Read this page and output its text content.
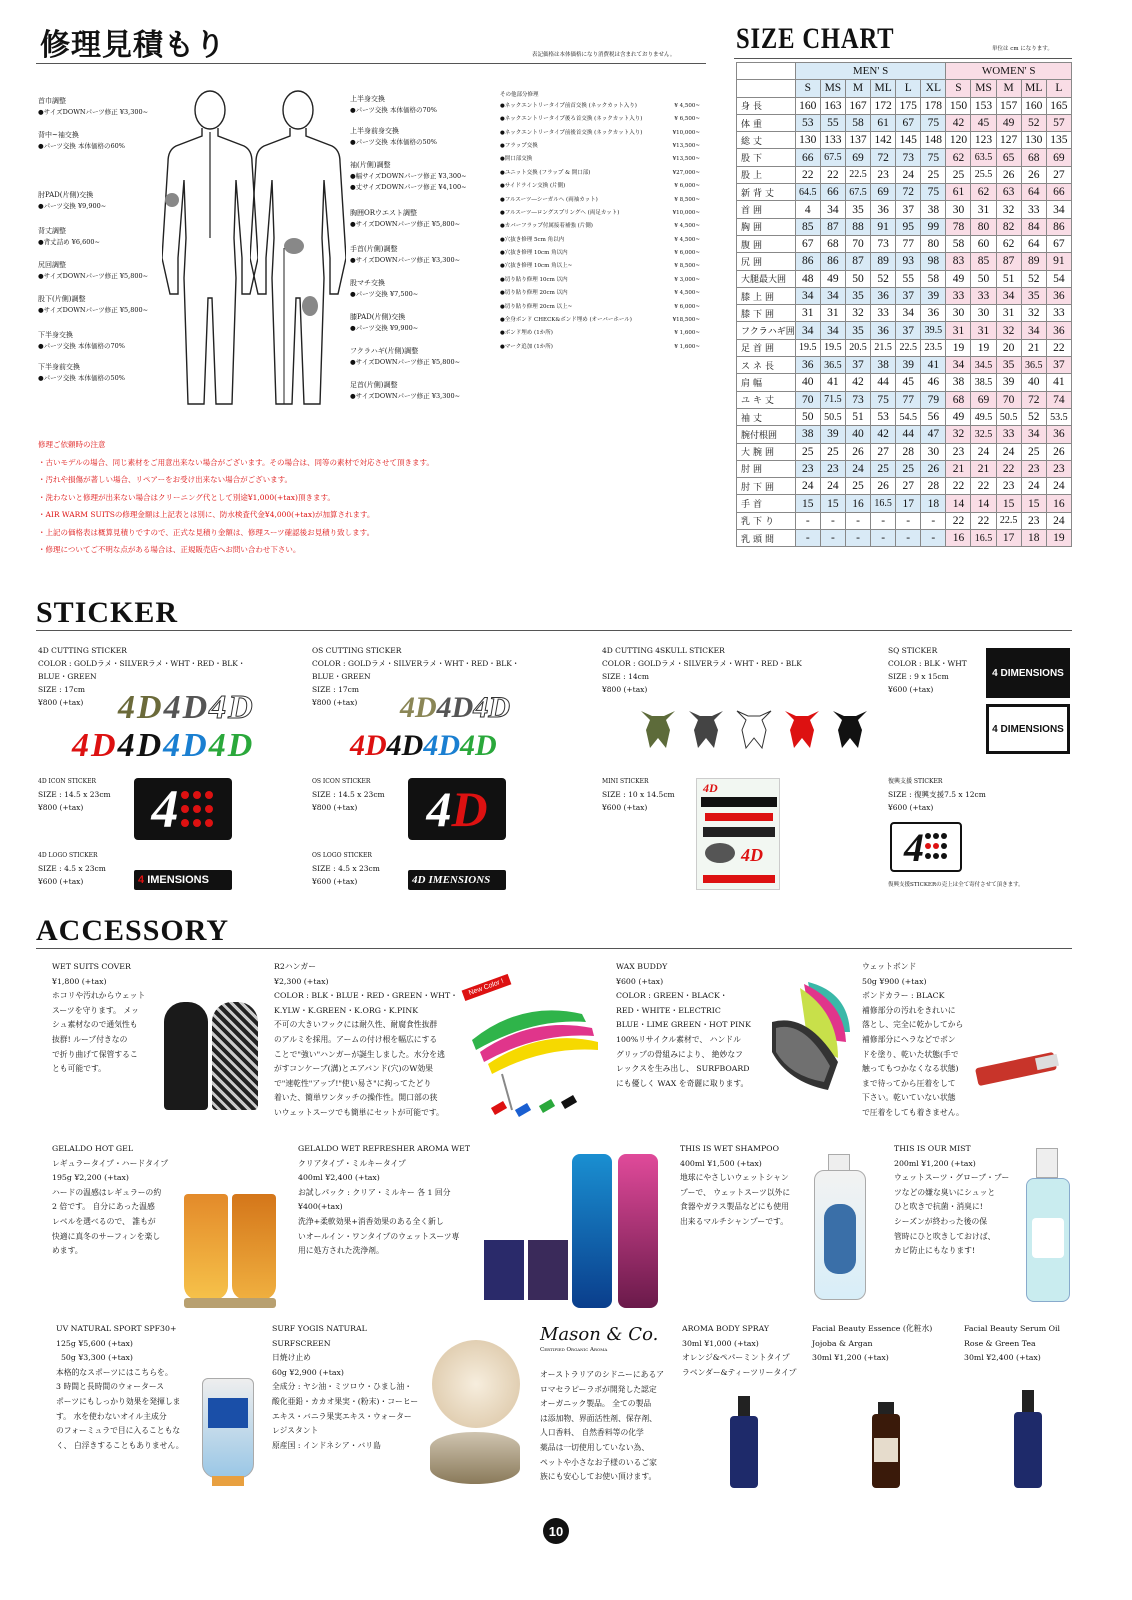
修理見積もり	表記価格は本体価格になり消費税は含まれておりません。
首巾調整
●サイズDOWNパーツ修正 ¥3,300~
背中~袖交換
●パーツ交換 本体価格の60%
肘PAD(片側)交換
●パーツ交換 ¥9,900~
背丈調整
●背丈詰め ¥6,600~
尻回調整
●サイズDOWNパーツ修正 ¥5,800~
股下(片側)調整
●サイズDOWNパーツ修正 ¥5,800~
下半身交換
●パーツ交換 本体価格の70%
下半身前交換
●パーツ交換 本体価格の50%
上半身交換
●パーツ交換 本体価格の70%
上半身前身交換
●パーツ交換 本体価格の50%
袖(片側)調整
●幅サイズDOWNパーツ修正 ¥3,300~
●丈サイズDOWNパーツ修正 ¥4,100~
胸囲ORウエスト調整
●サイズDOWNパーツ修正 ¥5,800~
手首(片側)調整
●サイズDOWNパーツ修正 ¥3,300~
股マチ交換
●パーツ交換 ¥7,500~
膝PAD(片側)交換
●パーツ交換 ¥9,900~
フクラハギ(片側)調整
●サイズDOWNパーツ修正 ¥5,800~
足首(片側)調整
●サイズDOWNパーツ修正 ¥3,300~
その他部分修理
●ネックエントリータイプ前首交換 (ネックカット入り)	¥ 4,500~
●ネックエントリータイプ後ろ首交換 (ネックカット入り)	¥ 6,500~
●ネックエントリータイプ前後首交換 (ネックカット入り)	¥10,000~
●フラップ交換	¥13,500~
●開口部交換	¥13,500~
●ユニット交換 (フラップ & 開口部)	¥27,000~
●サイドライン交換 (片側)	¥ 6,000~
●フルスーツ―シーガルへ (両袖カット)	¥ 8,500~
●フルスーツ―ロングスプリングへ (両足カット)	¥10,000~
●カバーフラップ付属接着補強 (片側)	¥ 4,500~
●穴抜き修理 5cm 角以内	¥ 4,500~
●穴抜き修理 10cm 角以内	¥ 6,000~
●穴抜き修理 10cm 角以上~	¥ 8,500~
●切り貼り修理 10cm 以内	¥ 3,000~
●切り貼り修理 20cm 以内	¥ 4,500~
●切り貼り修理 20cm 以上~	¥ 6,000~
●全身ボンド CHECK&ボンド埋め (オーバーホール)	¥18,500~
●ボンド埋め (1か所)	¥ 1,600~
●マーク追加 (1か所)	¥ 1,600~
修理ご依頼時の注意
・古いモデルの場合、同じ素材をご用意出来ない場合がございます。その場合は、同等の素材で対応させて頂きます。
・汚れや損傷が著しい場合、リペアーをお受け出来ない場合がございます。
・洗わないと修理が出来ない場合はクリーニング代として別途¥1,000(+tax)頂きます。
・AIR WARM SUITSの修理金額は上記表とは別に、防水検査代金¥4,000(+tax)が加算されます。
・上記の価格表は概算見積りですので、正式な見積り金額は、修理スーツ確認後お見積り致します。
・修理についてご不明な点がある場合は、正規販売店へお問い合わせ下さい。
SIZE CHART	単位は cm になります。
	MEN' S						WOMEN' S				
	S	MS	M	ML	L	XL	S	MS	M	ML	L
身長	160	163	167	172	175	178	150	153	157	160	165
体重	53	55	58	61	67	75	42	45	49	52	57
総丈	130	133	137	142	145	148	120	123	127	130	135
股下	66	67.5	69	72	73	75	62	63.5	65	68	69
股上	22	22	22.5	23	24	25	25	25.5	26	26	27
新背丈	64.5	66	67.5	69	72	75	61	62	63	64	66
首囲	4	34	35	36	37	38	30	31	32	33	34
胸囲	85	87	88	91	95	99	78	80	82	84	86
腹囲	67	68	70	73	77	80	58	60	62	64	67
尻囲	86	86	87	89	93	98	83	85	87	89	91
大腿最大囲	48	49	50	52	55	58	49	50	51	52	54
膝上囲	34	34	35	36	37	39	33	33	34	35	36
膝下囲	31	31	32	33	34	36	30	30	31	32	33
フクラハギ囲	34	34	35	36	37	39.5	31	31	32	34	36
足首囲	19.5	19.5	20.5	21.5	22.5	23.5	19	19	20	21	22
スネ長	36	36.5	37	38	39	41	34	34.5	35	36.5	37
肩幅	40	41	42	44	45	46	38	38.5	39	40	41
ユキ丈	70	71.5	73	75	77	79	68	69	70	72	74
袖丈	50	50.5	51	53	54.5	56	49	49.5	50.5	52	53.5
腕付根囲	38	39	40	42	44	47	32	32.5	33	34	36
大腕囲	25	25	26	27	28	30	23	24	24	25	26
肘囲	23	23	24	25	25	26	21	21	22	23	23
肘下囲	24	24	25	26	27	28	22	22	23	24	24
手首	15	15	16	16.5	17	18	14	14	15	15	16
乳下り	-	-	-	-	-	-	22	22	22.5	23	24
乳頭間	-	-	-	-	-	-	16	16.5	17	18	19
STICKER
4D CUTTING STICKER
COLOR : GOLDラメ・SILVERラメ・WHT・RED・BLK・
BLUE・GREEN
SIZE : 17cm
¥800 (+tax)	4D4D4D
4D4D4D4D
OS CUTTING STICKER
COLOR : GOLDラメ・SILVERラメ・WHT・RED・BLK・
BLUE・GREEN
SIZE : 17cm
¥800 (+tax)	4D4D4D
4D4D4D4D
4D CUTTING 4SKULL STICKER
COLOR : GOLDラメ・SILVERラメ・WHT・RED・BLK
SIZE : 14cm
¥800 (+tax)
SQ STICKER
COLOR : BLK・WHT
SIZE : 9 x 15cm
¥600 (+tax)
4 DIMENSIONS
4 DIMENSIONS
4D ICON STICKER
SIZE : 14.5 x 23cm
¥800 (+tax)	4	OS ICON STICKER
SIZE : 14.5 x 23cm
¥800 (+tax)	4 D	MINI STICKER
SIZE : 10 x 14.5cm
¥600 (+tax)
4D
4D
復興支援 STICKER
SIZE : 復興支援7.5 x 12cm
¥600 (+tax)
4
復興支援STICKERの売上は全て寄付させて頂きます。
4D LOGO STICKER
SIZE : 4.5 x 23cm
¥600 (+tax)	4
IMENSIONS
OS LOGO STICKER
SIZE : 4.5 x 23cm
¥600 (+tax)	4D
IMENSIONS
ACCESSORY
WET SUITS COVER
¥1,800 (+tax)
ホコリや汚れからウェット
スーツを守ります。 メッ
シュ素材なので通気性も
抜群! ループ付きなの
で折り曲げて保管するこ
とも可能です。
R2ハンガー
¥2,300 (+tax)
COLOR : BLK・BLUE・RED・GREEN・WHT・
K.YLW・K.GREEN・K.ORG・K.PINK
不可の大きいフックには耐久性、耐腐食性抜群
のアルミを採用。アームの付け根を幅広にする
ことで"強い"ハンガーが誕生しました。水分を逃
がすコンケーブ(溝)とエアバンド(穴)のW効果
で"速乾性"アップ!"使い易さ"に拘ってたどり
着いた、簡単ワンタッチの操作性。開口部の狭
いウェットスーツでも簡単にセットが可能です。
New Color !
WAX BUDDY
¥600 (+tax)
COLOR : GREEN・BLACK・
RED・WHITE・ELECTRIC
BLUE・LIME GREEN・HOT PINK
100%リサイクル素材で、 ハンドル
グリップの骨組みにより、 絶妙なフ
レックスを生み出し、 SURFBOARD
にも優しく WAX を奇麗に取ります。
ウェットボンド
50g ¥900 (+tax)
ボンドカラー : BLACK
補修部分の汚れをきれいに
落とし、完全に乾かしてから
補修部分にヘラなどでボン
ドを塗り、乾いた状態(手で
触ってもつかなくなる状態)
まで待ってから圧着をして
下さい。乾いていない状態
で圧着をしても着きません。
GELALDO HOT GEL
レギュラータイプ・ハードタイプ
195g ¥2,200 (+tax)
ハードの温感はレギュラーの約
2 倍です。 自分にあった温感
レベルを選べるので、 誰もが
快適に真冬のサーフィンを楽し
めます。
GELALDO WET REFRESHER AROMA WET
クリアタイプ・ミルキータイプ
400ml ¥2,400 (+tax)
お試しパック : クリア・ミルキー 各 1 回分
¥400(+tax)
洗浄+柔軟効果+消香効果のある全く新し
いオールイン・ワンタイプのウェットスーツ専
用に処方された洗浄剤。
THIS IS WET SHAMPOO
400ml ¥1,500 (+tax)
地球にやさしいウェットシャン
プーで、 ウェットスーツ以外に
食器やガラス製品などにも使用
出来るマルチシャンプーです。
THIS IS OUR MIST
200ml ¥1,200 (+tax)
ウェットスーツ・グローブ・ブー
ツなどの嫌な臭いにシュッと
ひと吹きで抗菌・消臭に!
シーズンが終わった後の保
管時にひと吹きしておけば、
カビ防止にもなります!
UV NATURAL SPORT SPF30+
125g ¥5,600 (+tax)
50g ¥3,300 (+tax)
本格的なスポーツにはこちらを。
3 時間と長時間のウォータース
ポーツにもしっかり効果を発揮しま
す。 水を使わないオイル主成分
のフォーミュラで目に入ることもな
く、 白浮きすることもありません。
SURF YOGIS NATURAL
SURFSCREEN
日焼け止め
60g ¥2,900 (+tax)
全成分 : ヤシ油・ミツロウ・ひまし油・
酸化亜鉛・カカオ果実・(粉末)・コーヒー
エキス・バニラ果実エキス・ウォーター
レジスタント
原産国 : インドネシア・バリ島
Mason & Co.
Certified Organic Aroma
オーストラリアのシドニーにあるア
ロマセラピーラボが開発した認定
オーガニック製品。 全ての製品
は添加物、界面活性剤、保存剤、
人口香料、 自然香料等の化学
薬品は一切使用していない為、
ペットや小さなお子様のいるご家
族にも安心してお使い頂けます。
AROMA BODY SPRAY
30ml ¥1,000 (+tax)
オレンジ&ペパーミントタイプ
ラベンダー&ティーツリータイプ
Facial Beauty Essence (化粧水)
Jojoba & Argan
30ml ¥1,200 (+tax)
Facial Beauty Serum Oil
Rose & Green Tea
30ml ¥2,400 (+tax)
10
